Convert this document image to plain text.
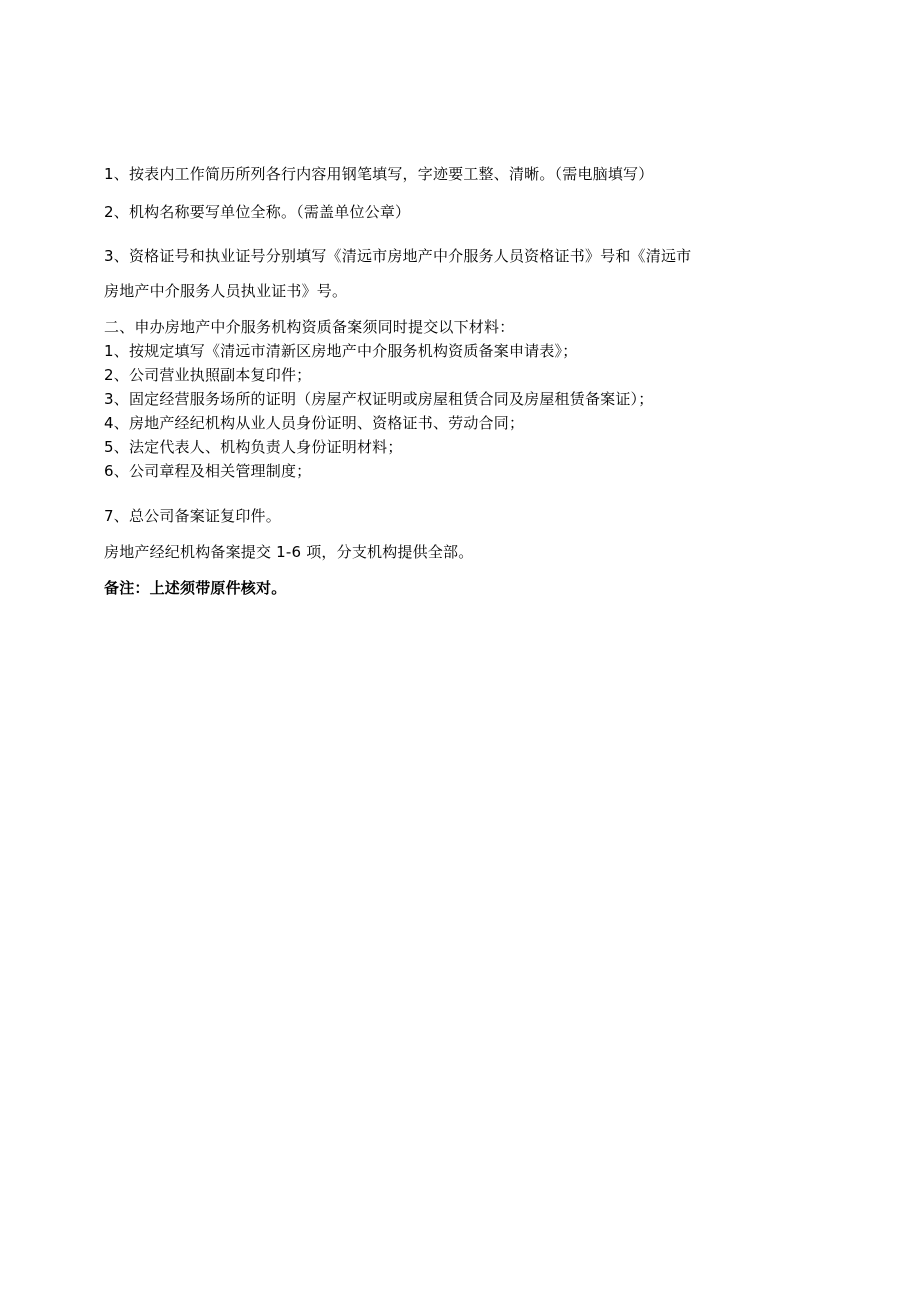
1、按表内工作简历所列各行内容用钢笔填写，字迹要工整、清晰。（需电脑填写）
2、机构名称要写单位全称。（需盖单位公章）
3、资格证号和执业证号分别填写《清远市房地产中介服务人员资格证书》号和《清远市
房地产中介服务人员执业证书》号。
二、申办房地产中介服务机构资质备案须同时提交以下材料：
1、按规定填写《清远市清新区房地产中介服务机构资质备案申请表》；
2、公司营业执照副本复印件；
3、固定经营服务场所的证明（房屋产权证明或房屋租赁合同及房屋租赁备案证）；
4、房地产经纪机构从业人员身份证明、资格证书、劳动合同；
5、法定代表人、机构负责人身份证明材料；
6、公司章程及相关管理制度；
7、总公司备案证复印件。
房地产经纪机构备案提交 1-6 项，分支机构提供全部。
备注：上述须带原件核对。
